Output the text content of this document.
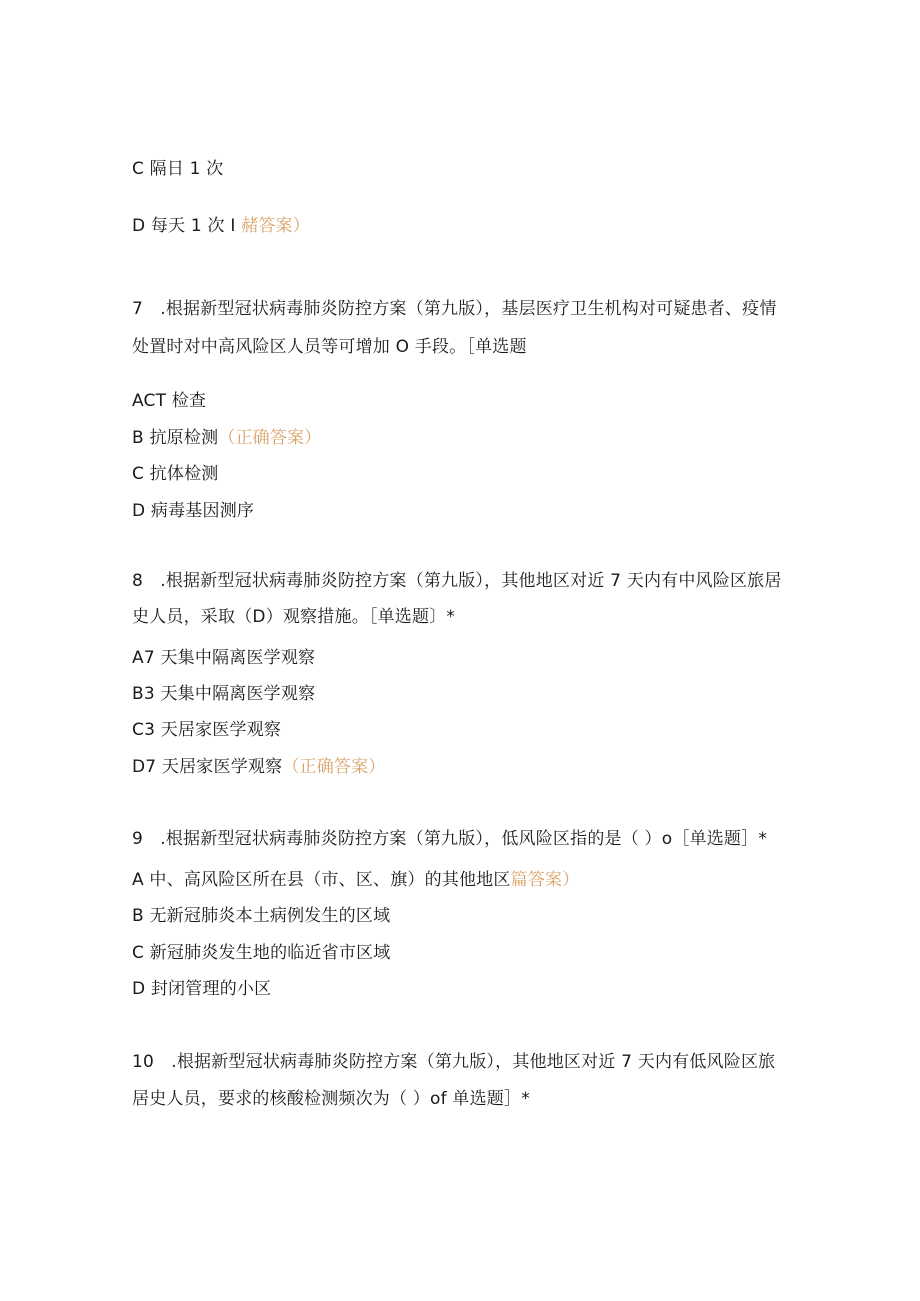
C 隔日 1 次
D 每天 1 次 I 赭答案）
7　.根据新型冠状病毒肺炎防控方案（第九版），基层医疗卫生机构对可疑患者、疫情
处置时对中高风险区人员等可增加 O 手段。［单选题
ACT 检查
B 抗原检测（正确答案）
C 抗体检测
D 病毒基因测序
8　.根据新型冠状病毒肺炎防控方案（第九版），其他地区对近 7 天内有中风险区旅居
史人员，采取（D）观察措施。［单选题〕*
A7 天集中隔离医学观察
B3 天集中隔离医学观察
C3 天居家医学观察
D7 天居家医学观察（正确答案）
9　.根据新型冠状病毒肺炎防控方案（第九版），低风险区指的是（ ）o［单选题］*
A 中、高风险区所在县（市、区、旗）的其他地区篇答案）
B 无新冠肺炎本土病例发生的区域
C 新冠肺炎发生地的临近省市区域
D 封闭管理的小区
10　.根据新型冠状病毒肺炎防控方案（第九版），其他地区对近 7 天内有低风险区旅
居史人员，要求的核酸检测频次为（ ）of 单选题］*
